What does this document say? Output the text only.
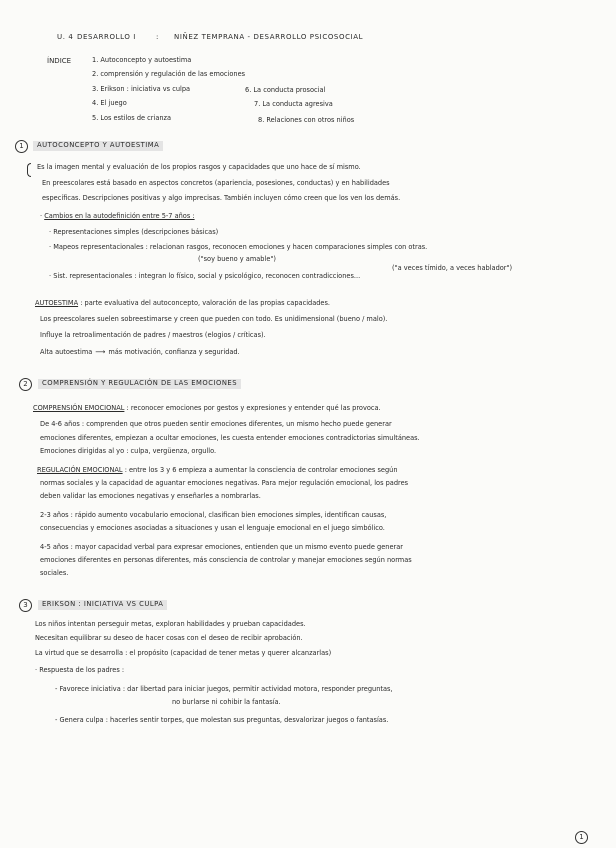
U. 4 DESARROLLO I	: NIÑEZ TEMPRANA - DESARROLLO PSICOSOCIAL
ÍNDICE	1. Autoconcepto y autoestima
2. comprensión y regulación de las emociones
3. Erikson : iniciativa vs culpa
4. El juego
5. Los estilos de crianza
6. La conducta prosocial
7. La conducta agresiva
8. Relaciones con otros niños
1	AUTOCONCEPTO Y AUTOESTIMA
Es la imagen mental y evaluación de los propios rasgos y capacidades que uno hace de sí mismo.
En preescolares está basado en aspectos concretos (apariencia, posesiones, conductas) y en habilidades
específicas. Descripciones positivas y algo imprecisas. También incluyen cómo creen que los ven los demás.
· Cambios en la autodefinición entre 5-7 años :
· Representaciones simples (descripciones básicas)
· Mapeos representacionales : relacionan rasgos, reconocen emociones y hacen comparaciones simples con otras.
("soy bueno y amable")
("a veces tímido, a veces hablador")
· Sist. representacionales : integran lo físico, social y psicológico, reconocen contradicciones...
AUTOESTIMA : parte evaluativa del autoconcepto, valoración de las propias capacidades.
Los preescolares suelen sobreestimarse y creen que pueden con todo. Es unidimensional (bueno / malo).
Influye la retroalimentación de padres / maestros (elogios / críticas).
Alta autoestima ⟶ más motivación, confianza y seguridad.
2	COMPRENSIÓN Y REGULACIÓN DE LAS EMOCIONES
COMPRENSIÓN EMOCIONAL : reconocer emociones por gestos y expresiones y entender qué las provoca.
De 4-6 años : comprenden que otros pueden sentir emociones diferentes, un mismo hecho puede generar
emociones diferentes, empiezan a ocultar emociones, les cuesta entender emociones contradictorias simultáneas.
Emociones dirigidas al yo : culpa, vergüenza, orgullo.
REGULACIÓN EMOCIONAL : entre los 3 y 6 empieza a aumentar la consciencia de controlar emociones según
normas sociales y la capacidad de aguantar emociones negativas. Para mejor regulación emocional, los padres
deben validar las emociones negativas y enseñarles a nombrarlas.
2-3 años : rápido aumento vocabulario emocional, clasifican bien emociones simples, identifican causas,
consecuencias y emociones asociadas a situaciones y usan el lenguaje emocional en el juego simbólico.
4-5 años : mayor capacidad verbal para expresar emociones, entienden que un mismo evento puede generar
emociones diferentes en personas diferentes, más consciencia de controlar y manejar emociones según normas
sociales.
3	ERIKSON : INICIATIVA VS CULPA
Los niños intentan perseguir metas, exploran habilidades y prueban capacidades.
Necesitan equilibrar su deseo de hacer cosas con el deseo de recibir aprobación.
La virtud que se desarrolla : el propósito (capacidad de tener metas y querer alcanzarlas)
· Respuesta de los padres :
- Favorece iniciativa : dar libertad para iniciar juegos, permitir actividad motora, responder preguntas,
no burlarse ni cohibir la fantasía.
- Genera culpa : hacerles sentir torpes, que molestan sus preguntas, desvalorizar juegos o fantasías.
1
